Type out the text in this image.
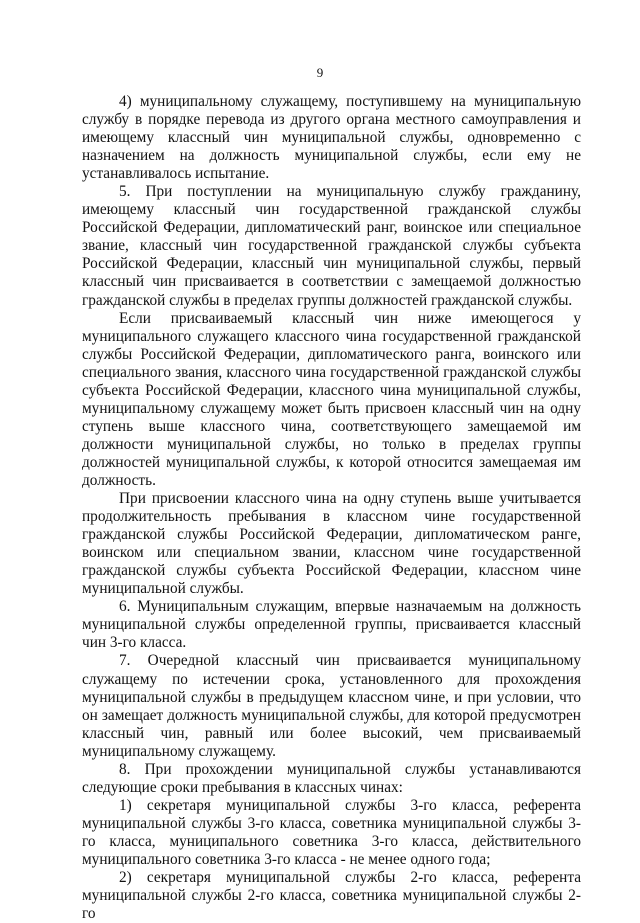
9

4) муниципальному служащему, поступившему на муниципальную службу в порядке перевода из другого органа местного самоуправления и имеющему классный чин муниципальной службы, одновременно с назначением на должность муниципальной службы, если ему не устанавливалось испытание.

5. При поступлении на муниципальную службу гражданину, имеющему классный чин государственной гражданской службы Российской Федерации, дипломатический ранг, воинское или специальное звание, классный чин государственной гражданской службы субъекта Российской Федерации, классный чин муниципальной службы, первый классный чин присваивается в соответствии с замещаемой должностью гражданской службы в пределах группы должностей гражданской службы.

Если присваиваемый классный чин ниже имеющегося у муниципального служащего классного чина государственной гражданской службы Российской Федерации, дипломатического ранга, воинского или специального звания, классного чина государственной гражданской службы субъекта Российской Федерации, классного чина муниципальной службы, муниципальному служащему может быть присвоен классный чин на одну ступень выше классного чина, соответствующего замещаемой им должности муниципальной службы, но только в пределах группы должностей муниципальной службы, к которой относится замещаемая им должность.

При присвоении классного чина на одну ступень выше учитывается продолжительность пребывания в классном чине государственной гражданской службы Российской Федерации, дипломатическом ранге, воинском или специальном звании, классном чине государственной гражданской службы субъекта Российской Федерации, классном чине муниципальной службы.

6. Муниципальным служащим, впервые назначаемым на должность муниципальной службы определенной группы, присваивается классный чин 3-го класса.

7. Очередной классный чин присваивается муниципальному служащему по истечении срока, установленного для прохождения муниципальной службы в предыдущем классном чине, и при условии, что он замещает должность муниципальной службы, для которой предусмотрен классный чин, равный или более высокий, чем присваиваемый муниципальному служащему.

8. При прохождении муниципальной службы устанавливаются следующие сроки пребывания в классных чинах:

1) секретаря муниципальной службы 3-го класса, референта муниципальной службы 3-го класса, советника муниципальной службы 3-го класса, муниципального советника 3-го класса, действительного муниципального советника 3-го класса - не менее одного года;

2) секретаря муниципальной службы 2-го класса, референта муниципальной службы 2-го класса, советника муниципальной службы 2-го
